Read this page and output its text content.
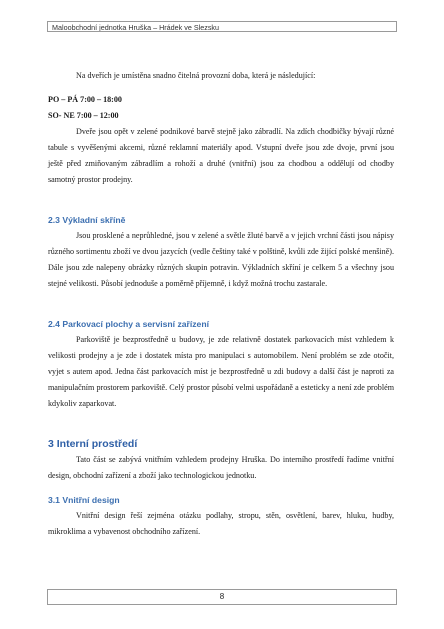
Maloobchodní jednotka Hruška – Hrádek ve Slezsku

Na dveřích je umístěna snadno čitelná provozní doba, která je následující:

PO – PÁ 7:00 – 18:00

SO- NE 7:00 – 12:00

Dveře jsou opět v zelené podnikové barvě stejně jako zábradlí. Na zdích chodbičky bývají různé tabule s vyvěšenými akcemi, různé reklamní materiály apod. Vstupní dveře jsou zde dvoje, první jsou ještě před zmiňovaným zábradlím a rohoží a druhé (vnitřní) jsou za chodbou a oddělují od chodby samotný prostor prodejny.

2.3 Výkladní skříně

Jsou prosklené a neprůhledné, jsou v zelené a světle žluté barvě a v jejich vrchní části jsou nápisy různého sortimentu zboží ve dvou jazycích (vedle češtiny také v polštině, kvůli zde žijící polské menšině). Dále jsou zde nalepeny obrázky různých skupin potravin. Výkladních skříní je celkem 5 a všechny jsou stejné velikosti. Působí jednoduše a poměrně příjemně, i když možná trochu zastarale.

2.4 Parkovací plochy a servisní zařízení

Parkoviště je bezprostředně u budovy, je zde relativně dostatek parkovacích míst vzhledem k velikosti prodejny a je zde i dostatek místa pro manipulaci s automobilem. Není problém se zde otočit, vyjet s autem apod. Jedna část parkovacích míst je bezprostředně u zdi budovy a další část je naproti za manipulačním prostorem parkoviště. Celý prostor působí velmi uspořádaně a esteticky a není zde problém kdykoliv zaparkovat.

3 Interní prostředí

Tato část se zabývá vnitřním vzhledem prodejny Hruška. Do interního prostředí řadíme vnitřní design, obchodní zařízení a zboží jako technologickou jednotku.

3.1 Vnitřní design

Vnitřní design řeší zejména otázku podlahy, stropu, stěn, osvětlení, barev, hluku, hudby, mikroklima a vybavenost obchodního zařízení.

8
